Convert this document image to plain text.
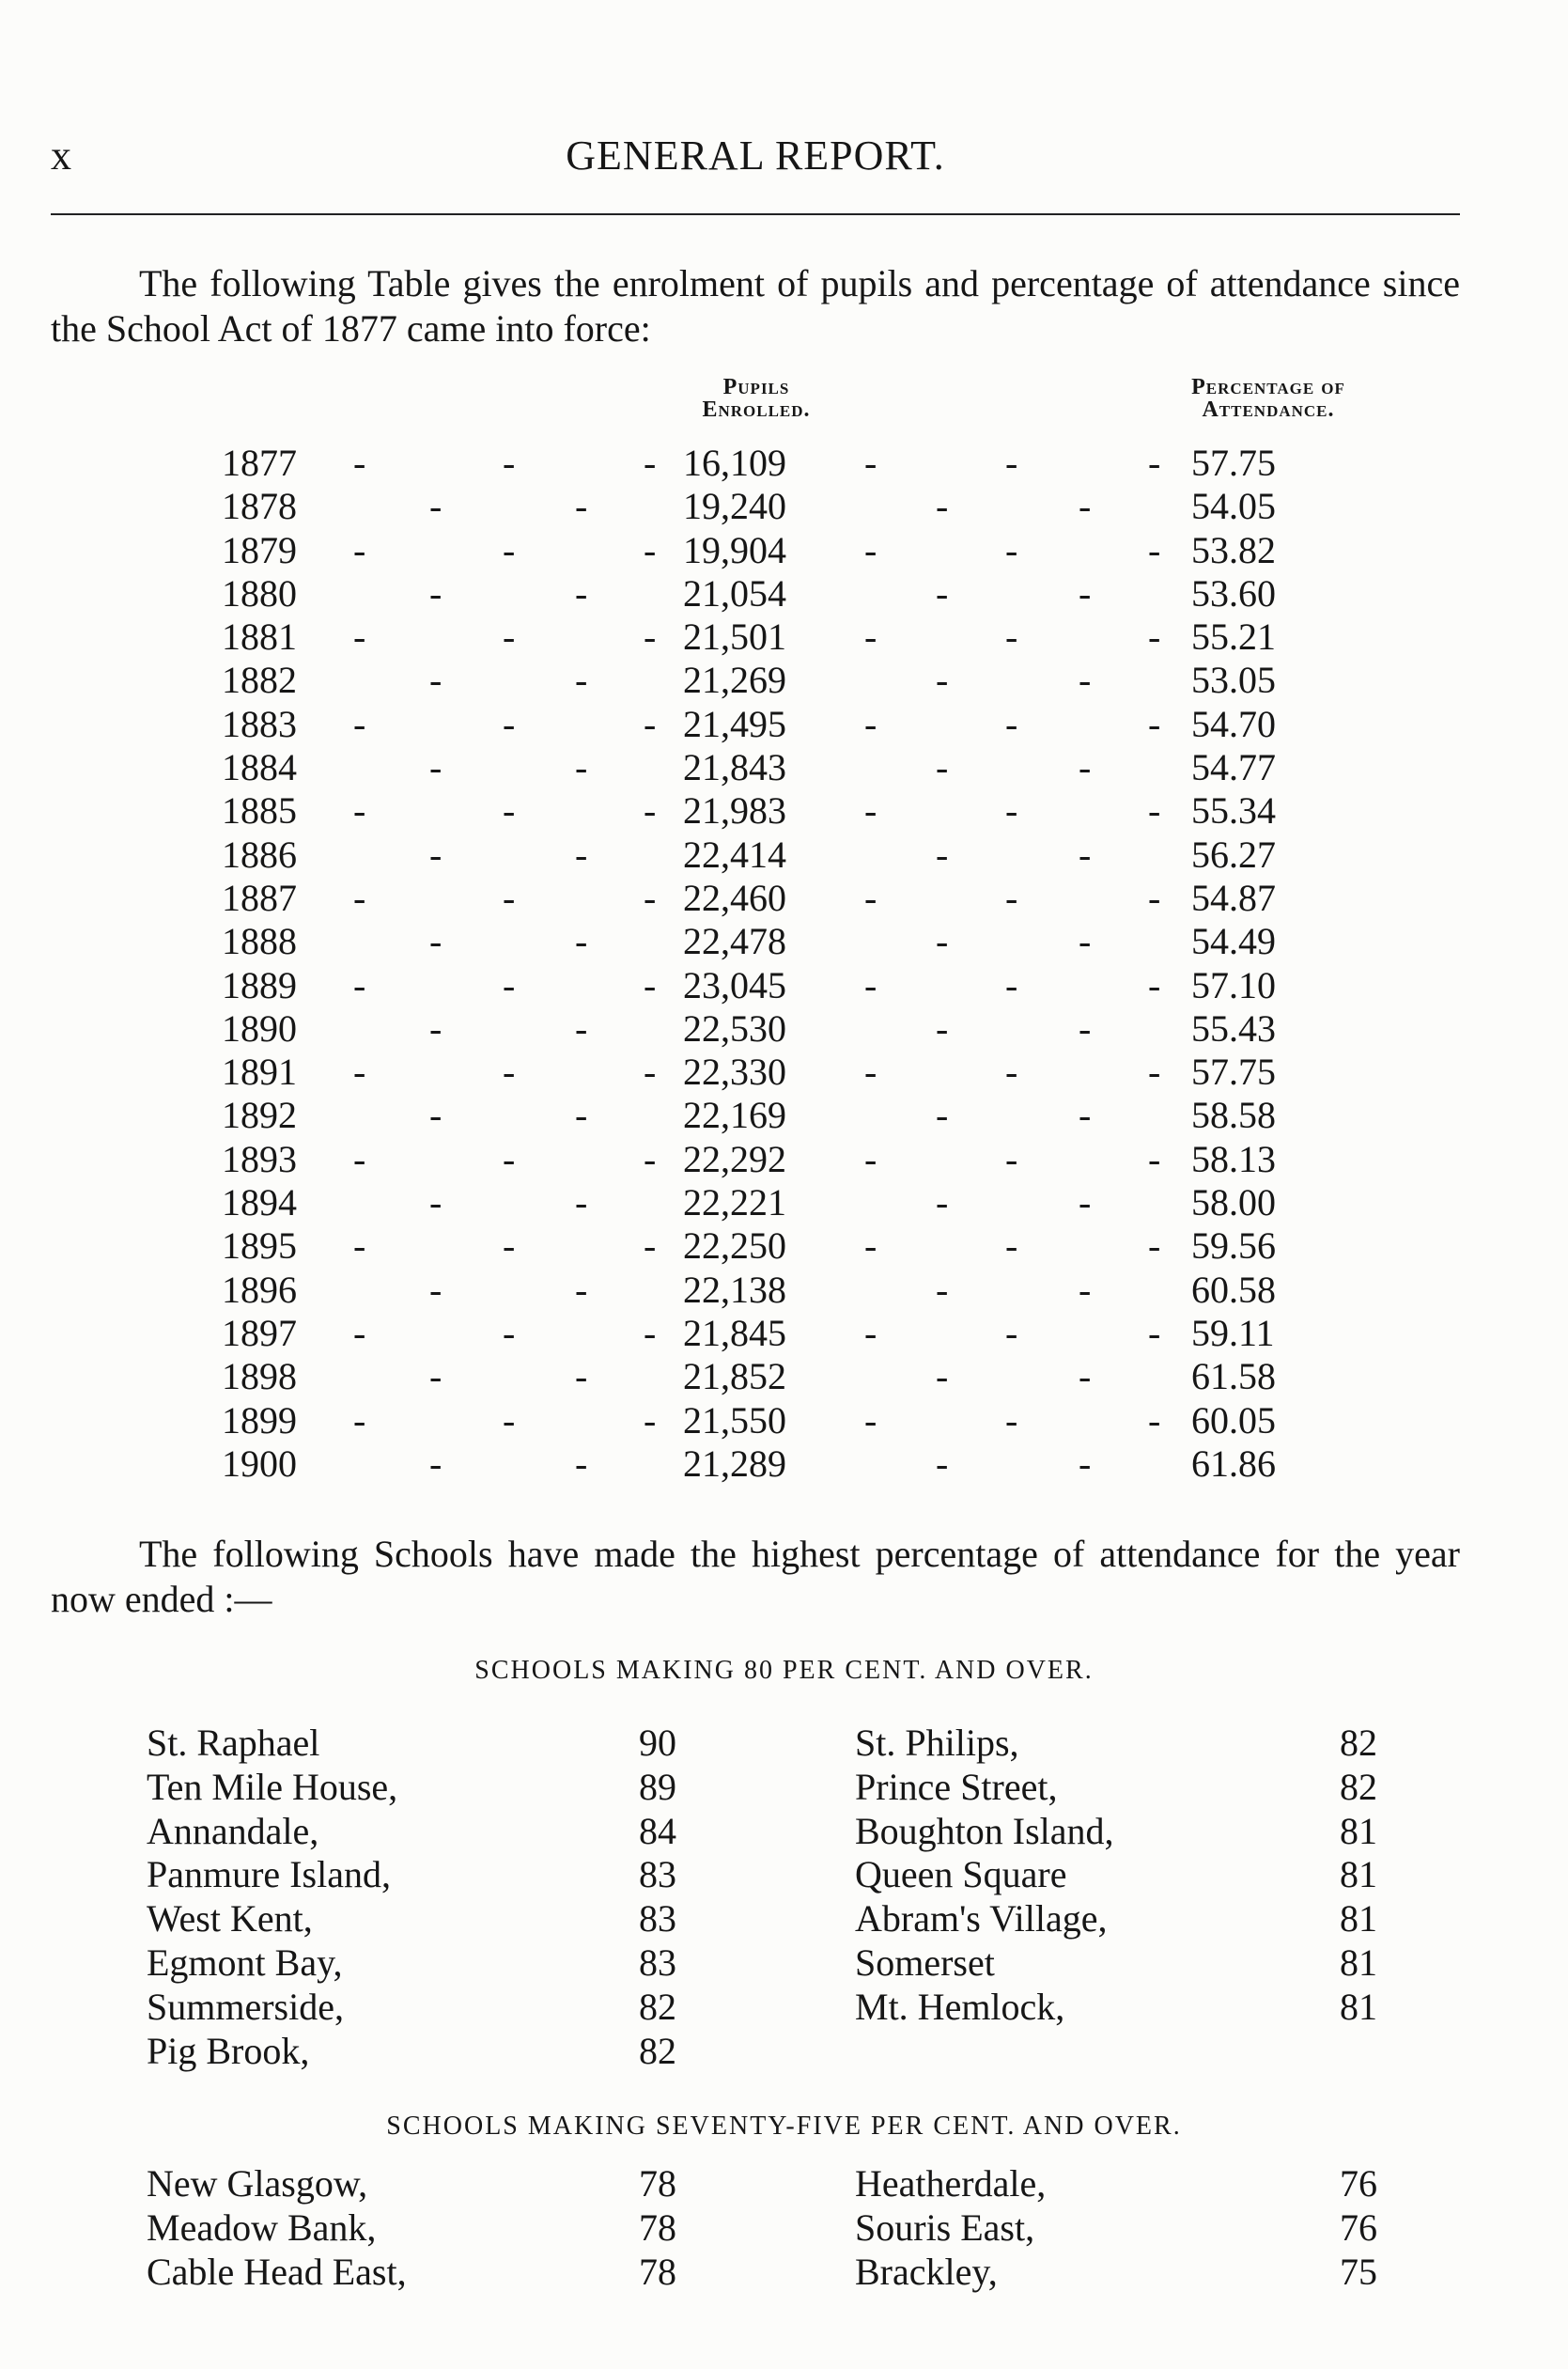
x	GENERAL REPORT.
The following Table gives the enrolment of pupils and percentage of attendance since the School Act of 1877 came into force:
Pupils
Enrolled.
Percentage of
Attendance.
1877	16,109	57.75
-	-	-	-	-	-
1878	19,240	54.05
-	-	-	-
1879	19,904	53.82
-	-	-	-	-	-
1880	21,054	53.60
-	-	-	-
1881	21,501	55.21
-	-	-	-	-	-
1882	21,269	53.05
-	-	-	-
1883	21,495	54.70
-	-	-	-	-	-
1884	21,843	54.77
-	-	-	-
1885	21,983	55.34
-	-	-	-	-	-
1886	22,414	56.27
-	-	-	-
1887	22,460	54.87
-	-	-	-	-	-
1888	22,478	54.49
-	-	-	-
1889	23,045	57.10
-	-	-	-	-	-
1890	22,530	55.43
-	-	-	-
1891	22,330	57.75
-	-	-	-	-	-
1892	22,169	58.58
-	-	-	-
1893	22,292	58.13
-	-	-	-	-	-
1894	22,221	58.00
-	-	-	-
1895	22,250	59.56
-	-	-	-	-	-
1896	22,138	60.58
-	-	-	-
1897	21,845	59.11
-	-	-	-	-	-
1898	21,852	61.58
-	-	-	-
1899	21,550	60.05
-	-	-	-	-	-
1900	21,289	61.86
-	-	-	-
The following Schools have made the highest percentage of attendance for the year now ended :—
SCHOOLS MAKING 80 PER CENT. AND OVER.
St. Raphael	90	St. Philips,	82
Ten Mile House,	89	Prince Street,	82
Annandale,	84	Boughton Island,	81
Panmure Island,	83	Queen Square	81
West Kent,	83	Abram's Village,	81
Egmont Bay,	83	Somerset	81
Summerside,	82	Mt. Hemlock,	81
Pig Brook,	82
SCHOOLS MAKING SEVENTY-FIVE PER CENT. AND OVER.
New Glasgow,	78	Heatherdale,	76
Meadow Bank,	78	Souris East,	76
Cable Head East,	78	Brackley,	75
